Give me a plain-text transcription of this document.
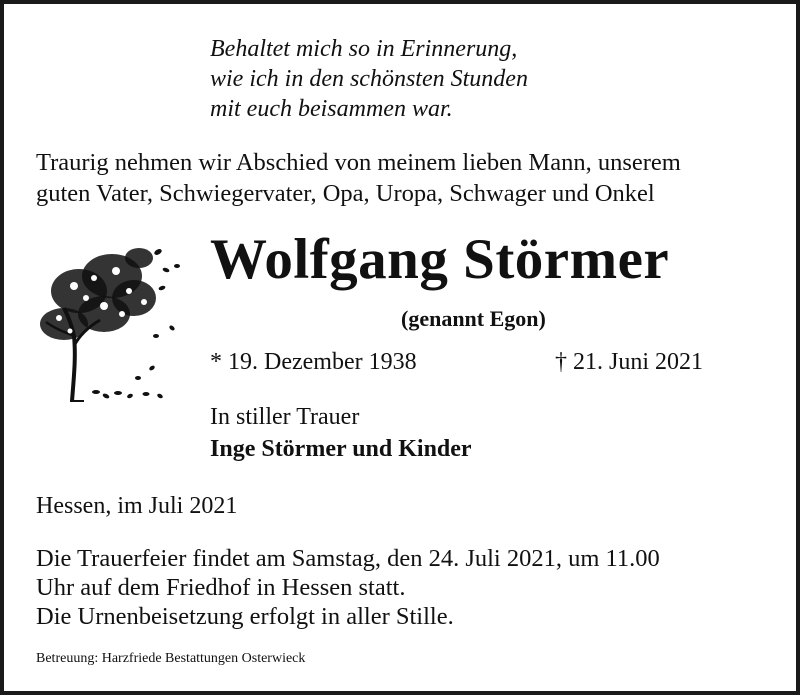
Behaltet mich so in Erinnerung,
wie ich in den schönsten Stunden
mit euch beisammen war.
Traurig nehmen wir Abschied von meinem lieben Mann, unserem
guten Vater, Schwiegervater, Opa, Uropa, Schwager und Onkel
Wolfgang Störmer
(genannt Egon)
* 19. Dezember 1938	† 21. Juni 2021
In stiller Trauer
Inge Störmer und Kinder
Hessen, im Juli 2021
Die Trauerfeier findet am Samstag, den 24. Juli 2021, um 11.00
Uhr auf dem Friedhof in Hessen statt.
Die Urnenbeisetzung erfolgt in aller Stille.
Betreuung: Harzfriede Bestattungen Osterwieck
